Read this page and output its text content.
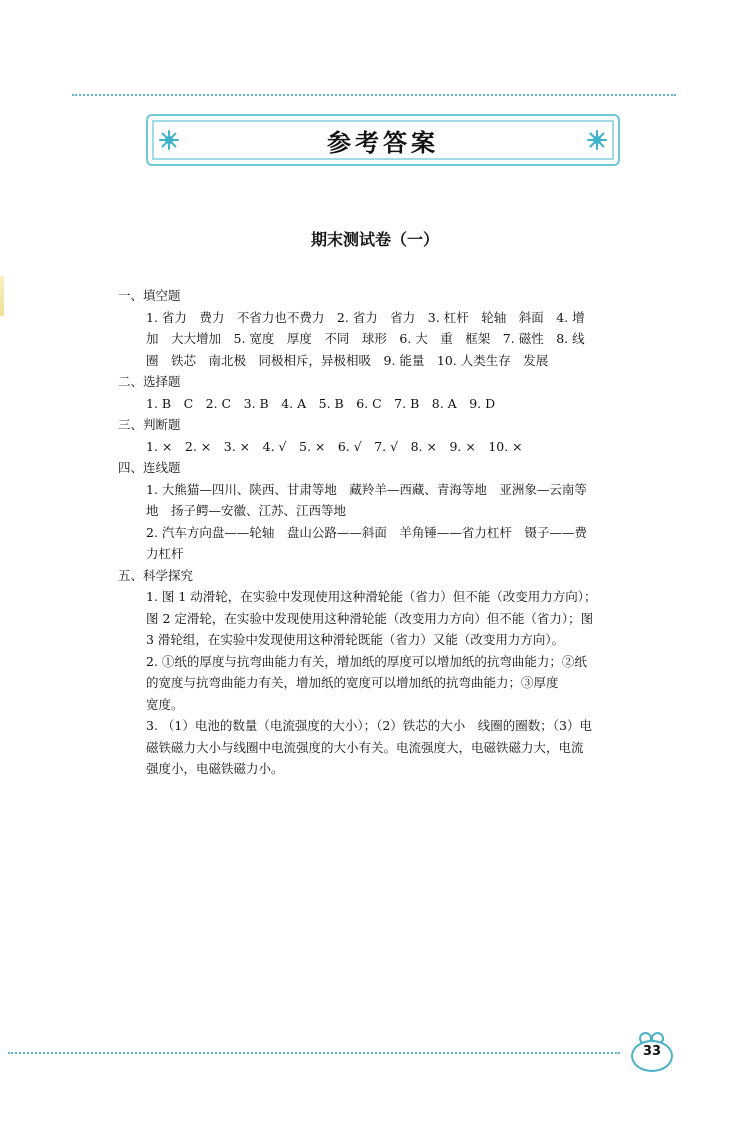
参考答案
期末测试卷（一）
一、填空题
1. 省力　费力　不省力也不费力　2. 省力　省力　3. 杠杆　轮轴　斜面　4. 增
加　大大增加　5. 宽度　厚度　不同　球形　6. 大　重　框架　7. 磁性　8. 线
圈　铁芯　南北极　同极相斥，异极相吸　9. 能量　10. 人类生存　发展
二、选择题
1. B　C　2. C　3. B　4. A　5. B　6. C　7. B　8. A　9. D
三、判断题
1. ×　2. ×　3. ×　4. √　5. ×　6. √　7. √　8. ×　9. ×　10. ×
四、连线题
1. 大熊猫—四川、陕西、甘肃等地　藏羚羊—西藏、青海等地　亚洲象—云南等
地　扬子鳄—安徽、江苏、江西等地
2. 汽车方向盘——轮轴　盘山公路——斜面　羊角锤——省力杠杆　镊子——费
力杠杆
五、科学探究
1. 图 1 动滑轮，在实验中发现使用这种滑轮能（省力）但不能（改变用力方向）；
图 2 定滑轮，在实验中发现使用这种滑轮能（改变用力方向）但不能（省力）；图
3 滑轮组，在实验中发现使用这种滑轮既能（省力）又能（改变用力方向）。
2. ①纸的厚度与抗弯曲能力有关，增加纸的厚度可以增加纸的抗弯曲能力；②纸
的宽度与抗弯曲能力有关，增加纸的宽度可以增加纸的抗弯曲能力；③厚度
宽度。
3. （1）电池的数量（电流强度的大小）；（2）铁芯的大小　线圈的圈数；（3）电
磁铁磁力大小与线圈中电流强度的大小有关。电流强度大，电磁铁磁力大，电流
强度小，电磁铁磁力小。
33
